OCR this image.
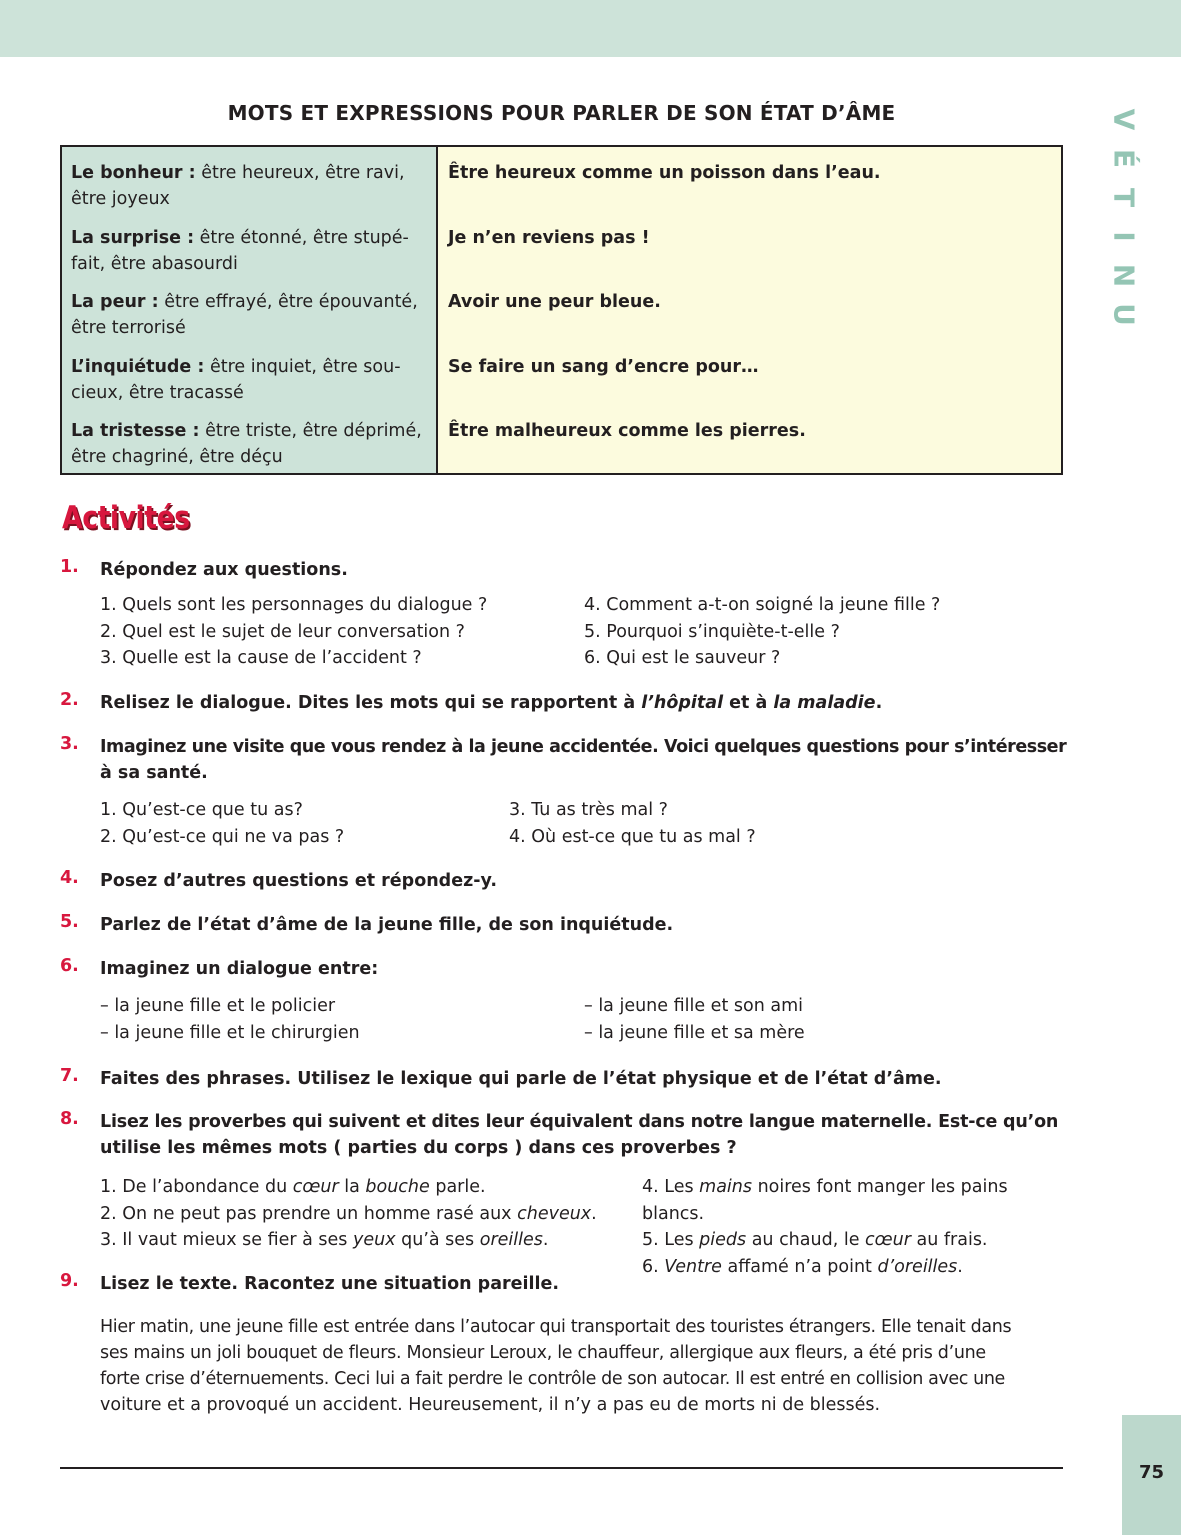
V
É
T
I
N
U
75
MOTS ET EXPRESSIONS POUR PARLER DE SON ÉTAT D’ÂME
Le bonheur : être heureux, être ravi,
être joyeux
La surprise : être étonné, être stupé-
fait, être abasourdi
La peur : être effrayé, être épouvanté,
être terrorisé
L’inquiétude : être inquiet, être sou-
cieux, être tracassé
La tristesse : être triste, être déprimé,
être chagriné, être déçu
Être heureux comme un poisson dans l’eau.
Je n’en reviens pas !
Avoir une peur bleue.
Se faire un sang d’encre pour…
Être malheureux comme les pierres.
Activités
1. Répondez aux questions.
1. Quels sont les personnages du dialogue ?
2. Quel est le sujet de leur conversation ?
3. Quelle est la cause de l’accident ?
4. Comment a-t-on soigné la jeune fille ?
5. Pourquoi s’inquiète-t-elle ?
6. Qui est le sauveur ?
2. Relisez le dialogue. Dites les mots qui se rapportent à l’hôpital et à la maladie.
3. Imaginez une visite que vous rendez à la jeune accidentée. Voici quelques questions pour s’intéresser
à sa santé.
1. Qu’est-ce que tu as?
2. Qu’est-ce qui ne va pas ?
3. Tu as très mal ?
4. Où est-ce que tu as mal ?
4. Posez d’autres questions et répondez-y.
5. Parlez de l’état d’âme de la jeune fille, de son inquiétude.
6. Imaginez un dialogue entre:
– la jeune fille et le policier
– la jeune fille et le chirurgien
– la jeune fille et son ami
– la jeune fille et sa mère
7. Faites des phrases. Utilisez le lexique qui parle de l’état physique et de l’état d’âme.
8. Lisez les proverbes qui suivent et dites leur équivalent dans notre langue maternelle. Est-ce qu’on
utilise les mêmes mots ( parties du corps ) dans ces proverbes ?
1. De l’abondance du cœur la bouche parle.
2. On ne peut pas prendre un homme rasé aux cheveux.
3. Il vaut mieux se fier à ses yeux qu’à ses oreilles.
4. Les mains noires font manger les pains blancs.
5. Les pieds au chaud, le cœur au frais.
6. Ventre affamé n’a point d’oreilles.
9. Lisez le texte. Racontez une situation pareille.
Hier matin, une jeune fille est entrée dans l’autocar qui transportait des touristes étrangers. Elle tenait dans
ses mains un joli bouquet de fleurs. Monsieur Leroux, le chauffeur, allergique aux fleurs, a été pris d’une
forte crise d’éternuements. Ceci lui a fait perdre le contrôle de son autocar. Il est entré en collision avec une
voiture et a provoqué un accident. Heureusement, il n’y a pas eu de morts ni de blessés.
